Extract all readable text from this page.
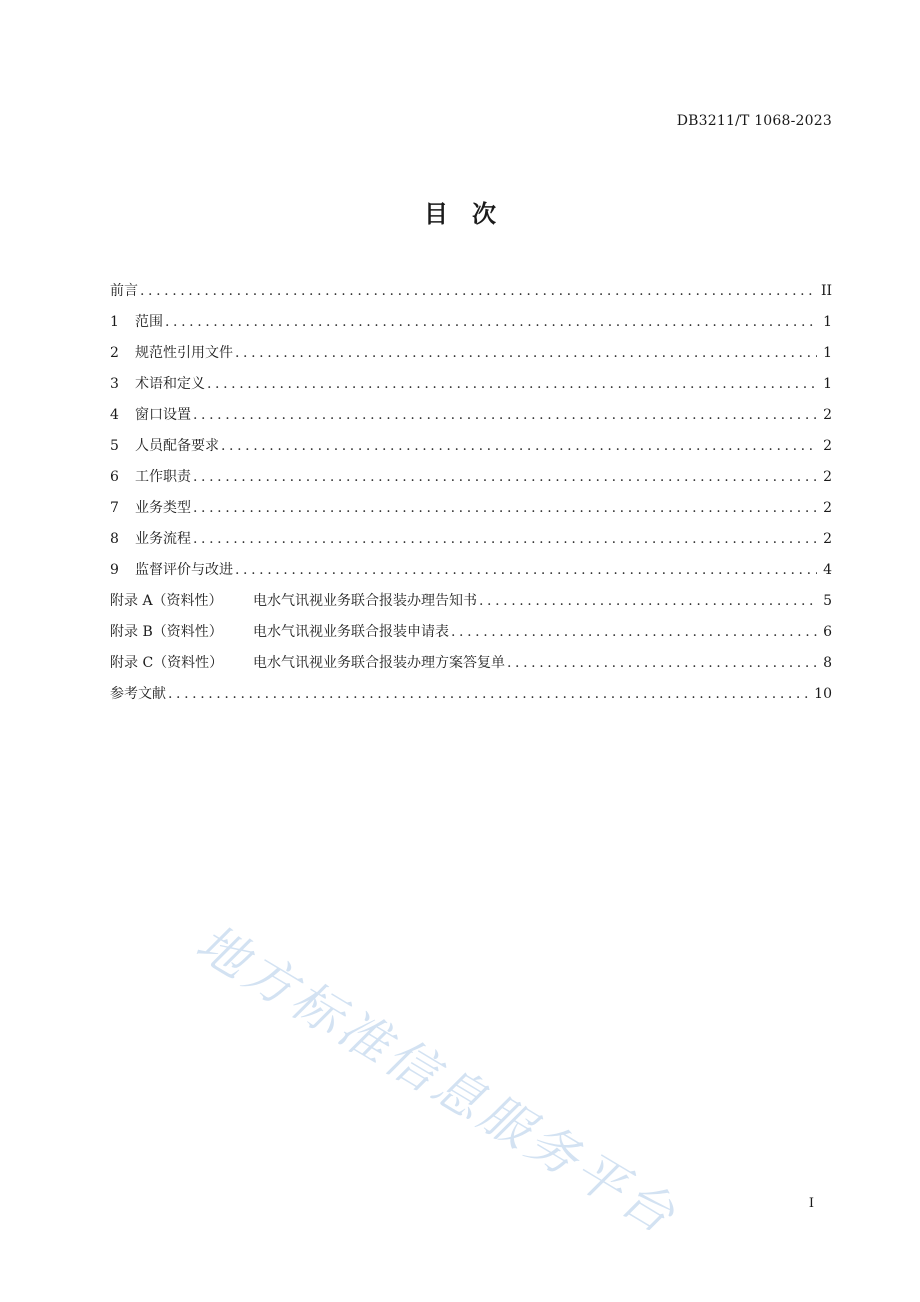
DB3211/T 1068-2023
目　次
前言 .....	II
1	范围 .....	1
2	规范性引用文件 .....	1
3	术语和定义 .....	1
4	窗口设置 .....	2
5	人员配备要求 .....	2
6	工作职责 .....	2
7	业务类型 .....	2
8	业务流程 .....	2
9	监督评价与改进 .....	4
附录 A（资料性）	电水气讯视业务联合报装办理告知书 .....	5
附录 B（资料性）	电水气讯视业务联合报装申请表 .....	6
附录 C（资料性）	电水气讯视业务联合报装办理方案答复单 .....	8
参考文献 .....	10
地方标准信息服务平台	I
